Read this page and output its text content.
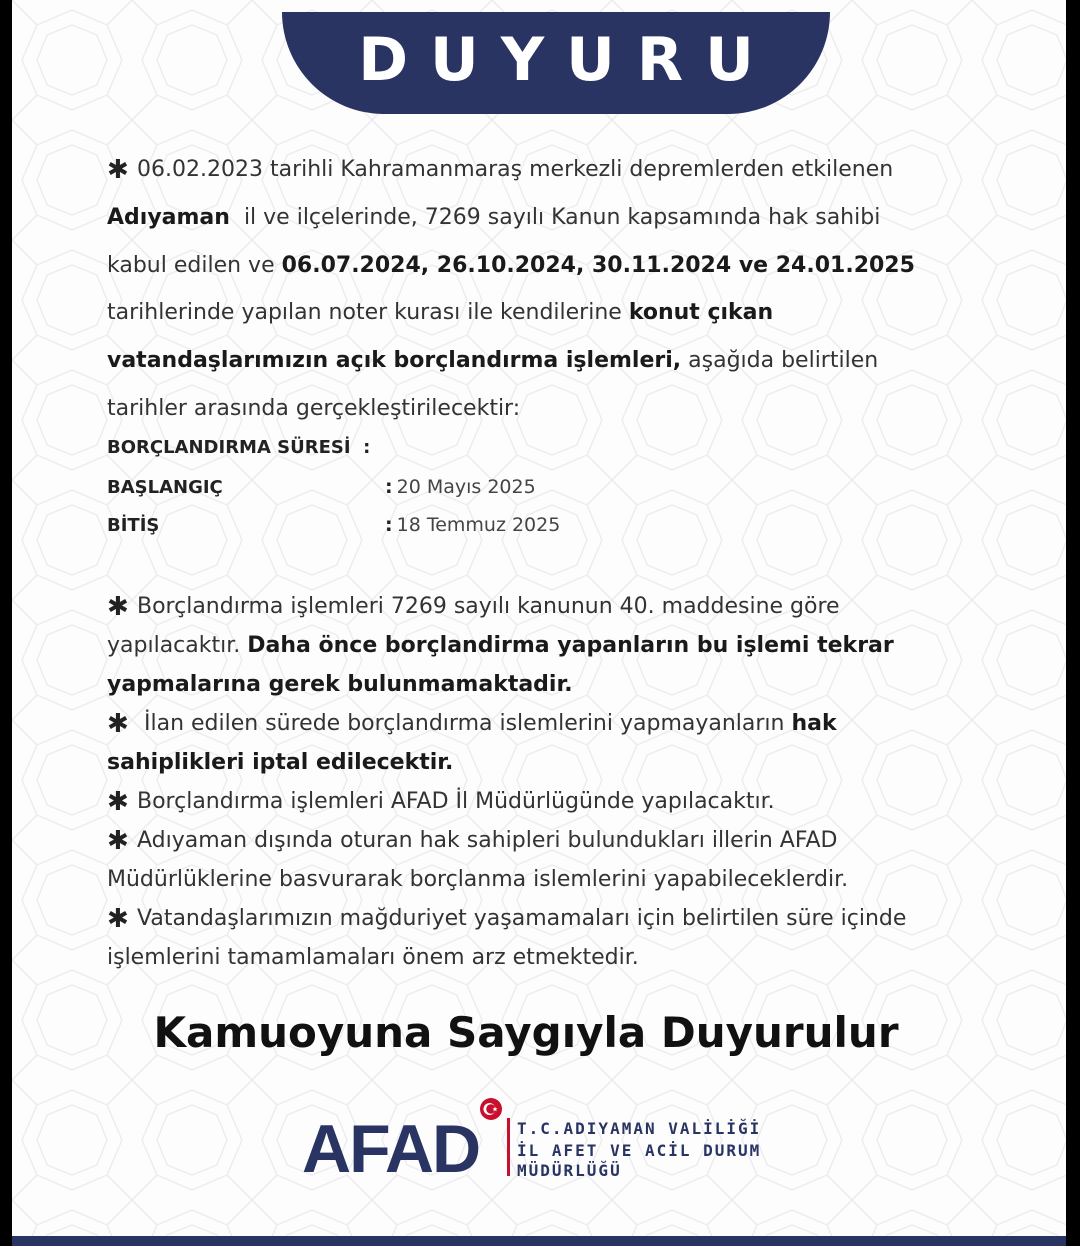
DUYURU
✱ 06.02.2023 tarihli Kahramanmaraş merkezli depremlerden etkilenen
Adıyaman il ve ilçelerinde, 7269 sayılı Kanun kapsamında hak sahibi
kabul edilen ve 06.07.2024, 26.10.2024, 30.11.2024 ve 24.01.2025
tarihlerinde yapılan noter kurası ile kendilerine konut çıkan
vatandaşlarımızın açık borçlandırma işlemleri, aşağıda belirtilen
tarihler arasında gerçekleştirilecektir:
BORÇLANDIRMA SÜRESİ :
BAŞLANGIÇ	: 20 Mayıs 2025
BİTİŞ	: 18 Temmuz 2025
✱ Borçlandırma işlemleri 7269 sayılı kanunun 40. maddesine göre
yapılacaktır. Daha önce borçlandirma yapanların bu işlemi tekrar
yapmalarına gerek bulunmamaktadir.
✱ İlan edilen sürede borçlandırma islemlerini yapmayanların hak
sahiplikleri iptal edilecektir.
✱ Borçlandırma işlemleri AFAD İl Müdürlügünde yapılacaktır.
✱ Adıyaman dışında oturan hak sahipleri bulundukları illerin AFAD
Müdürlüklerine basvurarak borçlanma islemlerini yapabileceklerdir.
✱ Vatandaşlarımızın mağduriyet yaşamamaları için belirtilen süre içinde
işlemlerini tamamlamaları önem arz etmektedir.
Kamuoyuna Saygıyla Duyurulur
AFAD T.C.ADIYAMAN VALİLİĞİ
İL AFET VE ACİL DURUM
MÜDÜRLÜĞÜ
